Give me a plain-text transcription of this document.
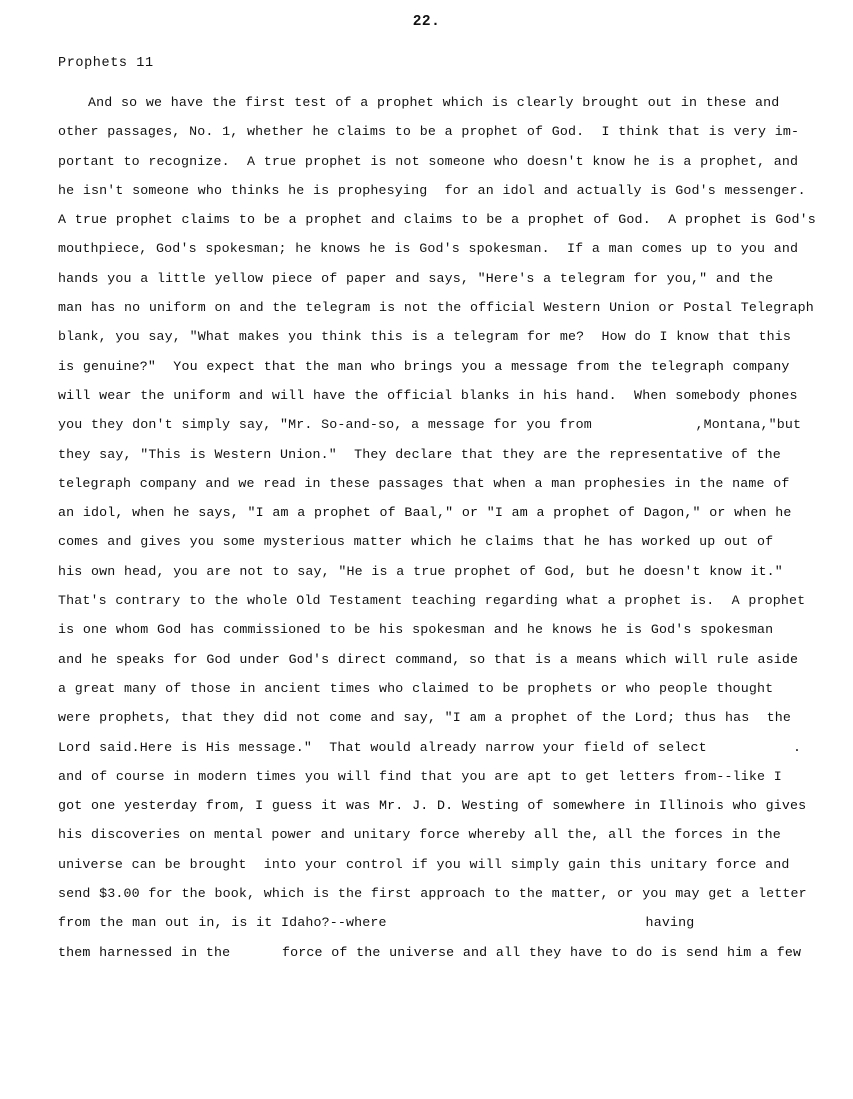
22.
Prophets 11
And so we have the first test of a prophet which is clearly brought out in these and
other passages, No. 1, whether he claims to be a prophet of God.  I think that is very im-
portant to recognize.  A true prophet is not someone who doesn't know he is a prophet, and
he isn't someone who thinks he is prophesying  for an idol and actually is God's messenger.
A true prophet claims to be a prophet and claims to be a prophet of God.  A prophet is God's
mouthpiece, God's spokesman; he knows he is God's spokesman.  If a man comes up to you and
hands you a little yellow piece of paper and says, "Here's a telegram for you," and the
man has no uniform on and the telegram is not the official Western Union or Postal Telegraph
blank, you say, "What makes you think this is a telegram for me?  How do I know that this
is genuine?"  You expect that the man who brings you a message from the telegraph company
will wear the uniform and will have the official blanks in his hand.  When somebody phones
you they don't simply say, "Mr. So-and-so, a message for you from            ,Montana,"but
they say, "This is Western Union."  They declare that they are the representative of the
telegraph company and we read in these passages that when a man prophesies in the name of
an idol, when he says, "I am a prophet of Baal," or "I am a prophet of Dagon," or when he
comes and gives you some mysterious matter which he claims that he has worked up out of
his own head, you are not to say, "He is a true prophet of God, but he doesn't know it."
That's contrary to the whole Old Testament teaching regarding what a prophet is.  A prophet
is one whom God has commissioned to be his spokesman and he knows he is God's spokesman
and he speaks for God under God's direct command, so that is a means which will rule aside
a great many of those in ancient times who claimed to be prophets or who people thought
were prophets, that they did not come and say, "I am a prophet of the Lord; thus has  the
Lord said.Here is His message."  That would already narrow your field of select          .
and of course in modern times you will find that you are apt to get letters from--like I
got one yesterday from, I guess it was Mr. J. D. Westing of somewhere in Illinois who gives
his discoveries on mental power and unitary force whereby all the, all the forces in the
universe can be brought  into your control if you will simply gain this unitary force and
send $3.00 for the book, which is the first approach to the matter, or you may get a letter
from the man out in, is it Idaho?--where                              having
them harnessed in the      force of the universe and all they have to do is send him a few
